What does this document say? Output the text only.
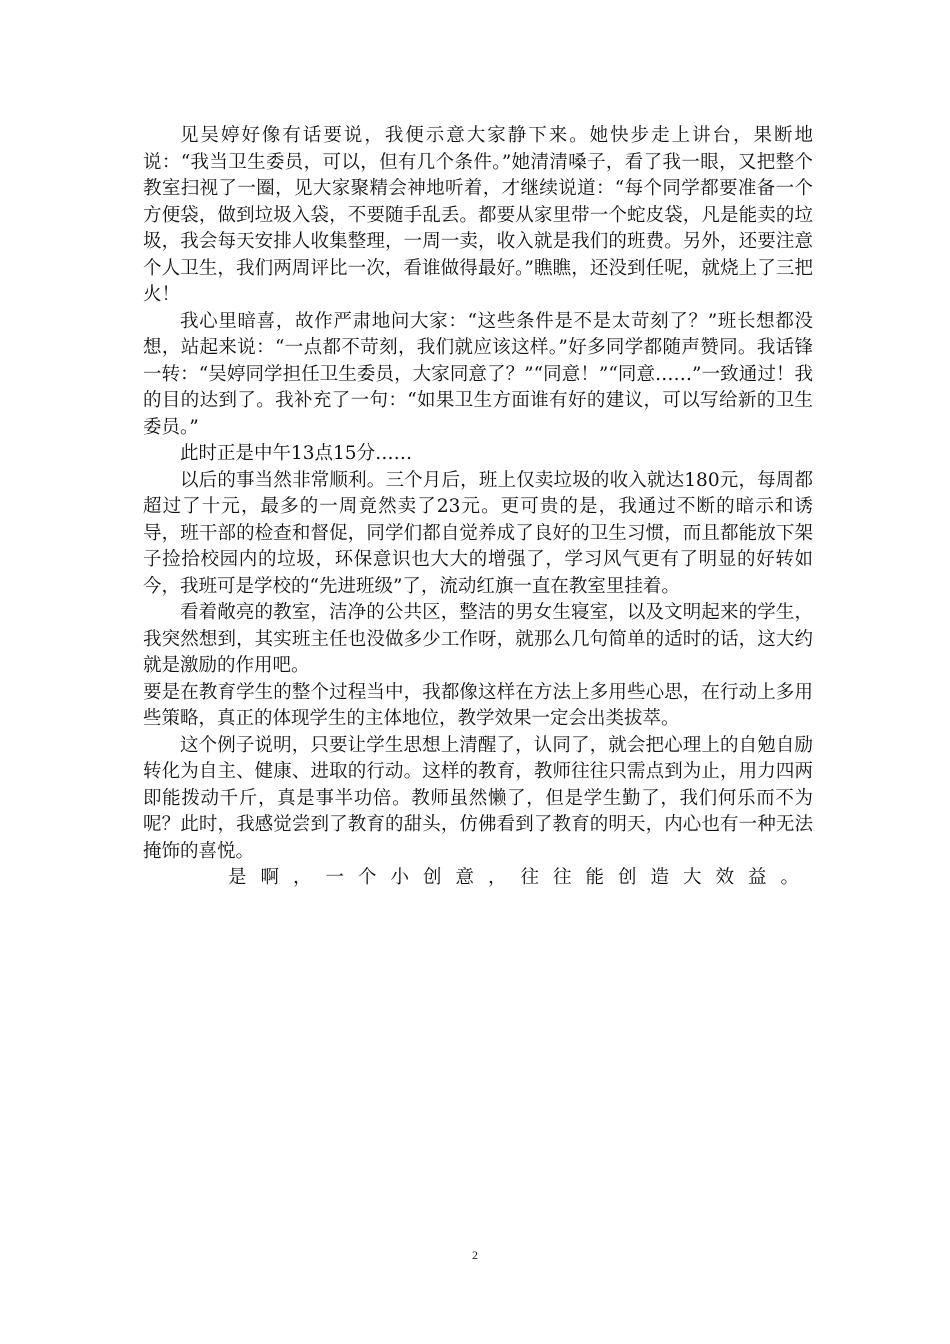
见吴婷好像有话要说，我便示意大家静下来。她快步走上讲台，果断地说：“我当卫生委员，可以，但有几个条件。”她清清嗓子，看了我一眼，又把整个教室扫视了一圈，见大家聚精会神地听着，才继续说道：“每个同学都要准备一个方便袋，做到垃圾入袋，不要随手乱丢。都要从家里带一个蛇皮袋，凡是能卖的垃圾，我会每天安排人收集整理，一周一卖，收入就是我们的班费。另外，还要注意个人卫生，我们两周评比一次，看谁做得最好。”瞧瞧，还没到任呢，就烧上了三把火！

我心里暗喜，故作严肃地问大家：“这些条件是不是太苛刻了？”班长想都没想，站起来说：“一点都不苛刻，我们就应该这样。”好多同学都随声赞同。我话锋一转：“吴婷同学担任卫生委员，大家同意了？”“同意！”“同意……”一致通过！我的目的达到了。我补充了一句：“如果卫生方面谁有好的建议，可以写给新的卫生委员。”

此时正是中午13点15分……

以后的事当然非常顺利。三个月后，班上仅卖垃圾的收入就达180元，每周都超过了十元，最多的一周竟然卖了23元。更可贵的是，我通过不断的暗示和诱导，班干部的检查和督促，同学们都自觉养成了良好的卫生习惯，而且都能放下架子捡拾校园内的垃圾，环保意识也大大的增强了，学习风气更有了明显的好转如今，我班可是学校的“先进班级”了，流动红旗一直在教室里挂着。

看着敞亮的教室，洁净的公共区，整洁的男女生寝室，以及文明起来的学生，我突然想到，其实班主任也没做多少工作呀，就那么几句简单的适时的话，这大约就是激励的作用吧。

要是在教育学生的整个过程当中，我都像这样在方法上多用些心思，在行动上多用些策略，真正的体现学生的主体地位，教学效果一定会出类拔萃。

这个例子说明，只要让学生思想上清醒了，认同了，就会把心理上的自勉自励转化为自主、健康、进取的行动。这样的教育，教师往往只需点到为止，用力四两即能拨动千斤，真是事半功倍。教师虽然懒了，但是学生勤了，我们何乐而不为呢？此时，我感觉尝到了教育的甜头，仿佛看到了教育的明天，内心也有一种无法掩饰的喜悦。

是啊，一个小创意，往往能创造大效益。

2
